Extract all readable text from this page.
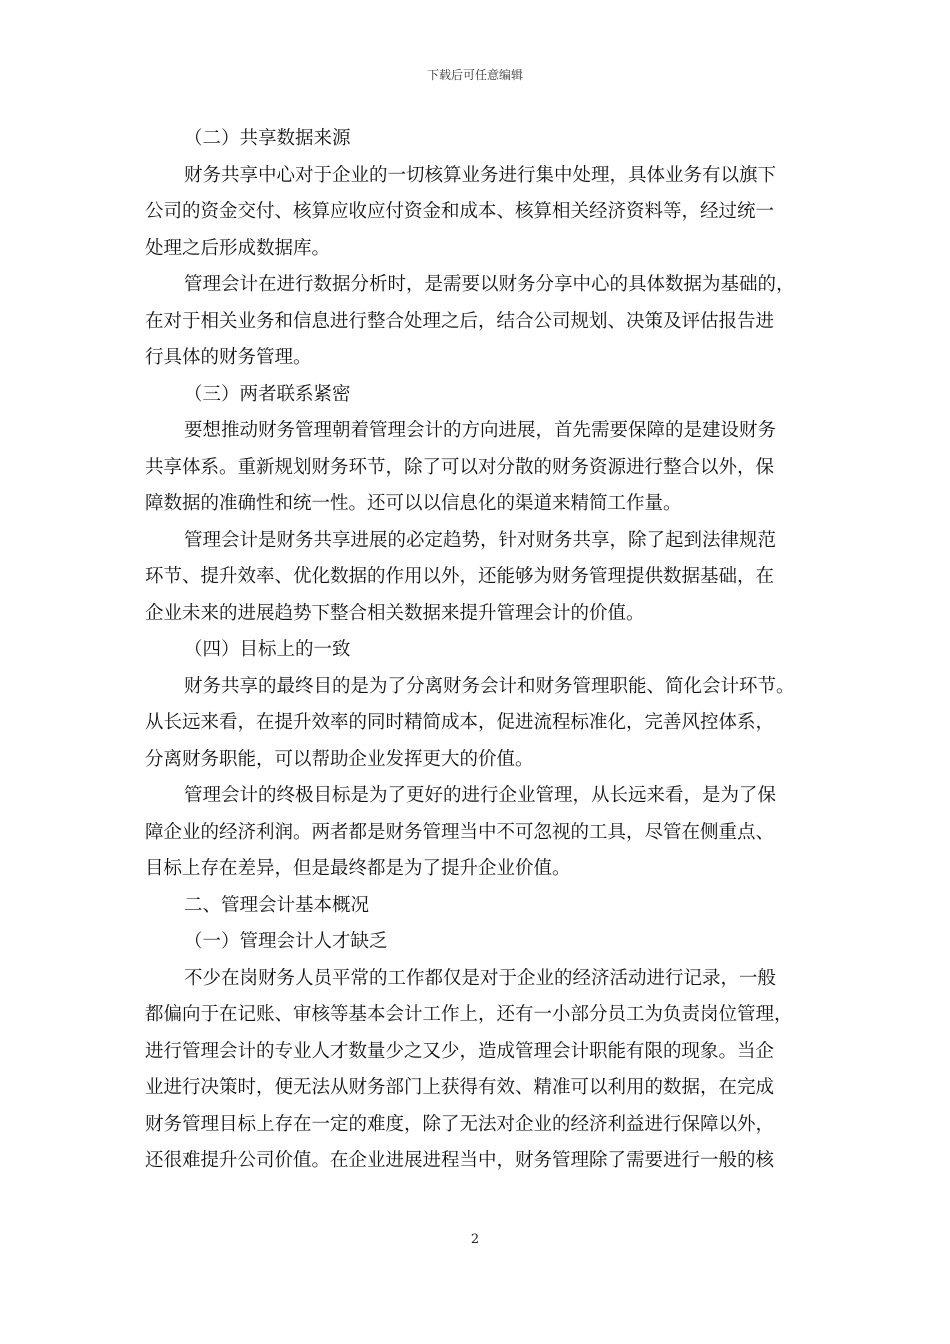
下载后可任意编辑
（二）共享数据来源
财务共享中心对于企业的一切核算业务进行集中处理，具体业务有以旗下
公司的资金交付、核算应收应付资金和成本、核算相关经济资料等，经过统一
处理之后形成数据库。
管理会计在进行数据分析时，是需要以财务分享中心的具体数据为基础的，
在对于相关业务和信息进行整合处理之后，结合公司规划、决策及评估报告进
行具体的财务管理。
（三）两者联系紧密
要想推动财务管理朝着管理会计的方向进展，首先需要保障的是建设财务
共享体系。重新规划财务环节，除了可以对分散的财务资源进行整合以外，保
障数据的准确性和统一性。还可以以信息化的渠道来精简工作量。
管理会计是财务共享进展的必定趋势，针对财务共享，除了起到法律规范
环节、提升效率、优化数据的作用以外，还能够为财务管理提供数据基础，在
企业未来的进展趋势下整合相关数据来提升管理会计的价值。
（四）目标上的一致
财务共享的最终目的是为了分离财务会计和财务管理职能、简化会计环节。
从长远来看，在提升效率的同时精简成本，促进流程标准化，完善风控体系，
分离财务职能，可以帮助企业发挥更大的价值。
管理会计的终极目标是为了更好的进行企业管理，从长远来看，是为了保
障企业的经济利润。两者都是财务管理当中不可忽视的工具，尽管在侧重点、
目标上存在差异，但是最终都是为了提升企业价值。
二、管理会计基本概况
（一）管理会计人才缺乏
不少在岗财务人员平常的工作都仅是对于企业的经济活动进行记录，一般
都偏向于在记账、审核等基本会计工作上，还有一小部分员工为负责岗位管理，
进行管理会计的专业人才数量少之又少，造成管理会计职能有限的现象。当企
业进行决策时，便无法从财务部门上获得有效、精准可以利用的数据，在完成
财务管理目标上存在一定的难度，除了无法对企业的经济利益进行保障以外，
还很难提升公司价值。在企业进展进程当中，财务管理除了需要进行一般的核
2
